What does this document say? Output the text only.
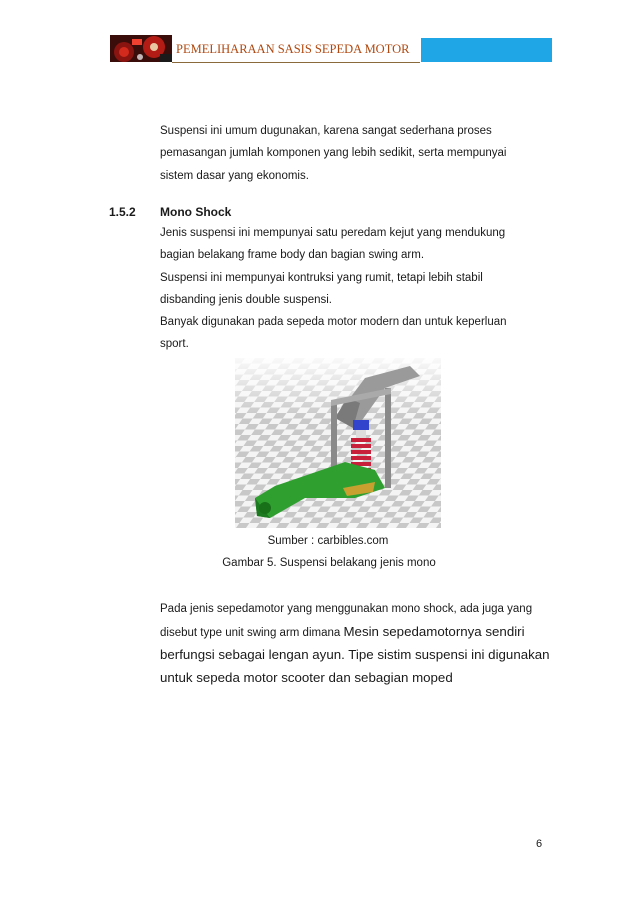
PEMELIHARAAN SASIS SEPEDA MOTOR
Suspensi ini umum dugunakan, karena sangat sederhana proses
pemasangan jumlah komponen yang lebih sedikit, serta mempunyai
sistem dasar yang ekonomis.
1.5.2 Mono Shock
Jenis suspensi ini mempunyai satu peredam kejut yang mendukung
bagian belakang frame body dan bagian swing arm.
Suspensi ini mempunyai kontruksi yang rumit, tetapi lebih stabil
disbanding jenis double suspensi.
Banyak digunakan pada sepeda motor modern dan untuk keperluan
sport.
Sumber : carbibles.com
Gambar 5. Suspensi belakang jenis mono
Pada jenis sepedamotor yang menggunakan mono shock, ada juga yang
disebut type unit swing arm dimana Mesin sepedamotornya sendiri
berfungsi sebagai lengan ayun. Tipe sistim suspensi ini digunakan
untuk sepeda motor scooter dan sebagian moped
6
